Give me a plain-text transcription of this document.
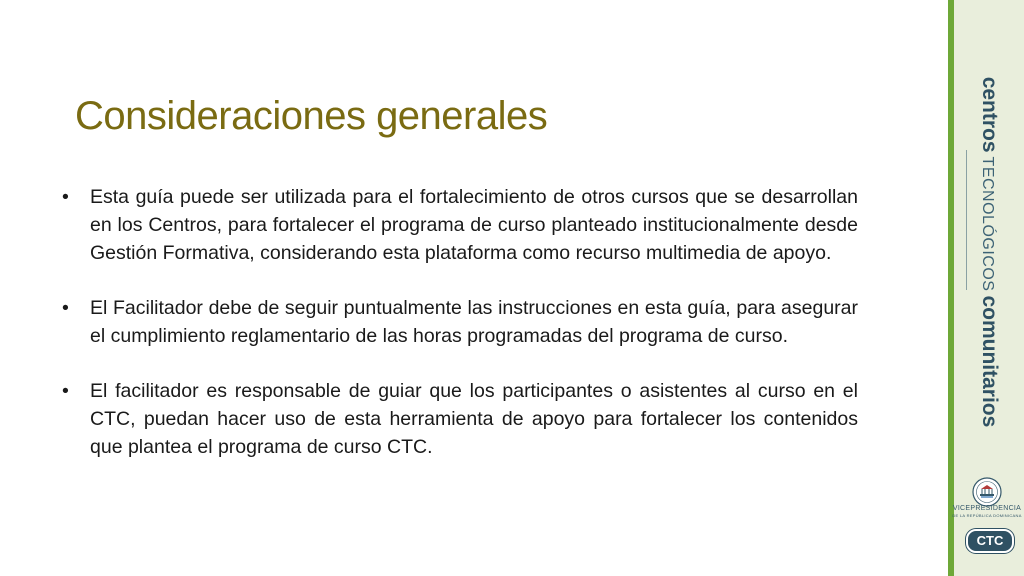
Consideraciones generales
•	Esta guía puede ser utilizada para el fortalecimiento de otros cursos que se desarrollan en los Centros, para fortalecer el programa de curso planteado institucionalmente desde Gestión Formativa, considerando esta plataforma como recurso multimedia de apoyo.
•	El Facilitador debe de seguir puntualmente las instrucciones en esta guía, para asegurar el cumplimiento reglamentario de las horas programadas del programa de curso.
•	El facilitador es responsable de guiar que los participantes o asistentes al curso en el CTC, puedan hacer uso de esta herramienta de apoyo para fortalecer los contenidos que plantea el programa de curso CTC.
centrosTECNOLÓGICOScomunitarios
VICEPRESIDENCIA
DE LA REPÚBLICA DOMINICANA
CTC
